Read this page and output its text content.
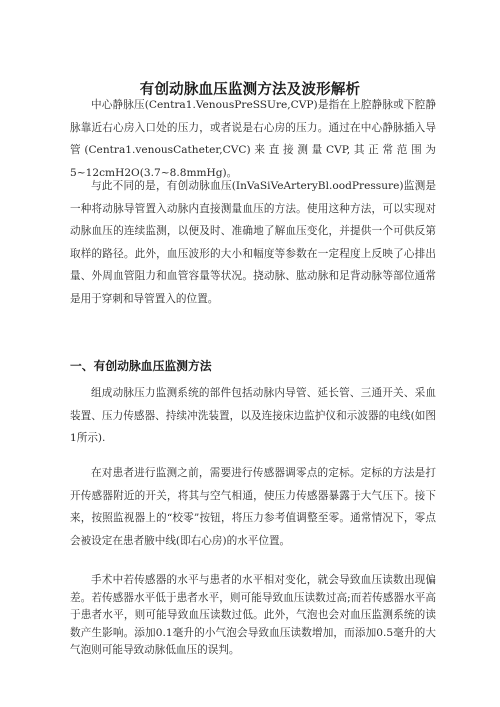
有创动脉血压监测方法及波形解析

中心静脉压(Centra1.VenousPreSSUre,CVP)是指在上腔静脉或下腔静脉靠近右心房入口处的压力，或者说是右心房的压力。通过在中心静脉插入导管(Centra1.venousCatheter,CVC)来直接测量CVP,其正常范围为5~12cmH2O(3.7~8.8mmHg)。

与此不同的是，有创动脉血压(InVaSiVeArteryBl.oodPressure)监测是一种将动脉导管置入动脉内直接测量血压的方法。使用这种方法，可以实现对动脉血压的连续监测，以便及时、准确地了解血压变化，并提供一个可供反第取样的路径。此外，血压波形的大小和幅度等参数在一定程度上反映了心排出量、外周血管阻力和血管容量等状况。挠动脉、肱动脉和足背动脉等部位通常是用于穿刺和导管置入的位置。

一、有创动脉血压监测方法

组成动脉压力监测系统的部件包括动脉内导管、延长管、三通开关、采血装置、压力传感器、持续冲洗装置，以及连接床边监护仪和示波器的电线(如图1所示).

在对患者进行监测之前，需要进行传感器调零点的定标。定标的方法是打开传感器附近的开关，将其与空气相通，使压力传感器暴露于大气压下。接下来，按照监视器上的“校零”按钮，将压力参考值调整至零。通常情况下，零点会被设定在患者腋中线(即右心房)的水平位置。

手术中若传感器的水平与患者的水平相对变化，就会导致血压读数出现偏差。若传感器水平低于患者水平，则可能导致血压读数过高;而若传感器水平高于患者水平，则可能导致血压读数过低。此外，气泡也会对血压监测系统的读数产生影响。添加0.1毫升的小气泡会导致血压读数增加，而添加0.5毫升的大气泡则可能导致动脉低血压的误判。
